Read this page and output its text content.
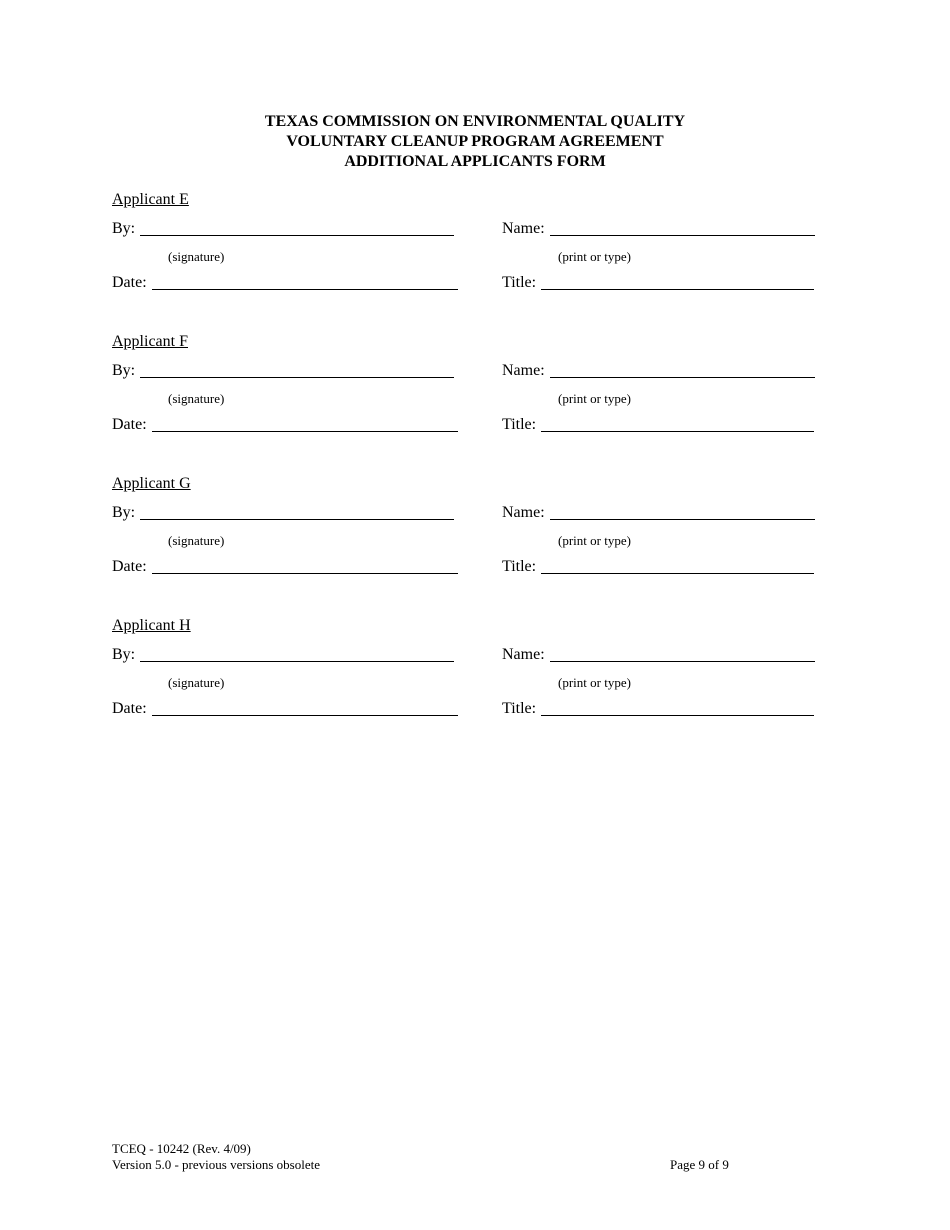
TEXAS COMMISSION ON ENVIRONMENTAL QUALITY
VOLUNTARY CLEANUP PROGRAM AGREEMENT
ADDITIONAL APPLICANTS FORM
Applicant E
By:	Name:
(signature)	(print or type)
Date:	Title:
Applicant F
By:	Name:
(signature)	(print or type)
Date:	Title:
Applicant G
By:	Name:
(signature)	(print or type)
Date:	Title:
Applicant H
By:	Name:
(signature)	(print or type)
Date:	Title:
TCEQ - 10242 (Rev. 4/09)
Version 5.0 - previous versions obsolete	Page 9 of 9
